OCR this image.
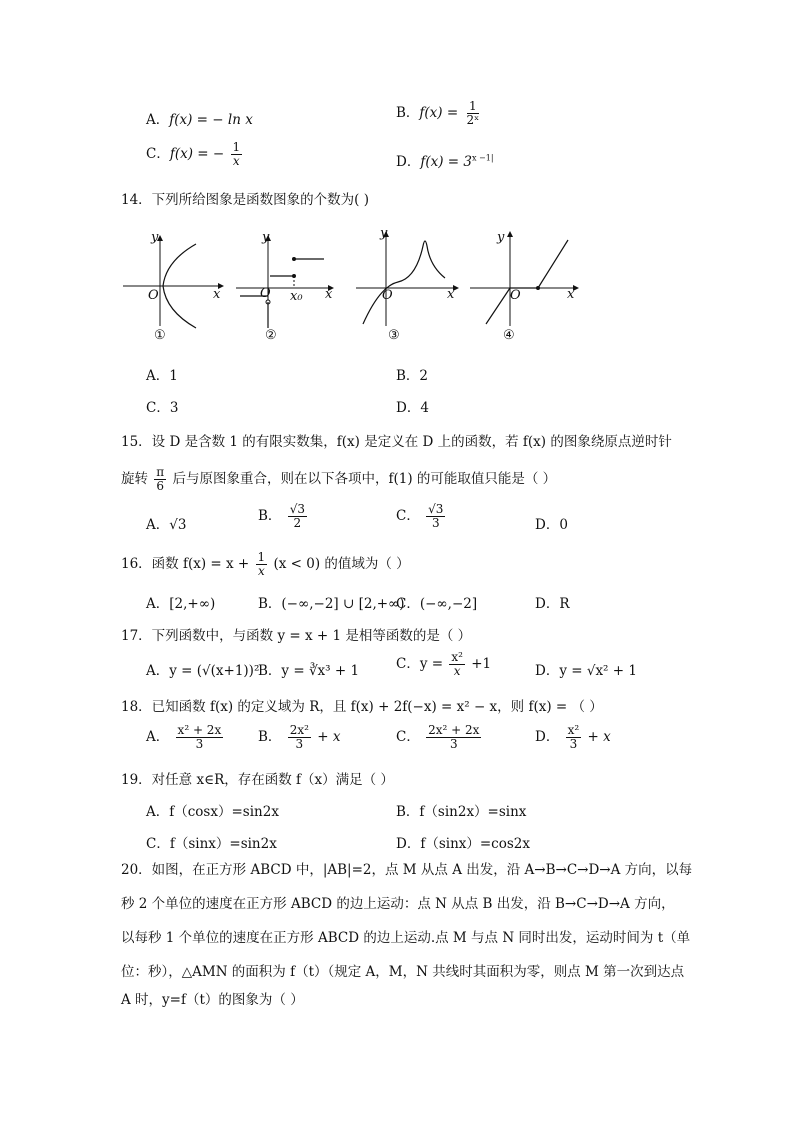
A．f(x) = − ln x	B．$f(x) = \frac{1}{\text{2ˣ}}$
C．f(x) = − $\frac{1}{x}$	D．$f(x) = 3^{x -1|}$
14．下列所给图象是函数图象的个数为( )
y
x
O
y
x
O x₀
y
x
O
y
x
O
①	②	③	④
A．1	B．2
C．3	D．4
15．设 D 是含数 1 的有限实数集，f(x) 是定义在 D 上的函数，若 f(x) 的图象绕原点逆时针
旋转 $\frac{\pi}{6}$ 后与原图象重合，则在以下各项中，f(1) 的可能取值只能是（ ）
A．√3
B． $\frac{√3}{2}$	C． $\frac{√3}{3}$	D．0
16．函数 $f(x) = x + \frac{1}{x} (x < 0)$ 的值域为（ ）
A．[2,+∞)	B．(−∞,−2] ∪ [2,+∞)
C．(−∞,−2]	D．R
17．下列函数中，与函数 y = x + 1 是相等函数的是（ ）
A．y = (√(x+1))²
B．y = ∛x³ + 1	C．$y = \frac{\text{x²}}{x} +1$	D．y = √x² + 1
18．已知函数 f(x) 的定义域为 R，且 f(x) + 2f(−x) = x² − x，则 f(x) = （ ）
A． $\frac{\text{x² + 2x}}{3}$	B． $\frac{\text{2x²}}{3} + x$	C． $\frac{\text{2x² + 2x}}{3}$	D． $\frac{\text{x²}}{3} + x$
19．对任意 x∈R，存在函数 f（x）满足（ ）
A．f（cosx）=sin2x	B．f（sin2x）=sinx
C．f（sinx）=sin2x	D．f（sinx）=cos2x
20．如图，在正方形 ABCD 中，|AB|=2，点 M 从点 A 出发，沿 A→B→C→D→A 方向，以每
秒 2 个单位的速度在正方形 ABCD 的边上运动：点 N 从点 B 出发，沿 B→C→D→A 方向，
以每秒 1 个单位的速度在正方形 ABCD 的边上运动.点 M 与点 N 同时出发，运动时间为 t（单
位：秒），△AMN 的面积为 f（t）（规定 A，M，N 共线时其面积为零，则点 M 第一次到达点
A 时，y=f（t）的图象为（ ）
